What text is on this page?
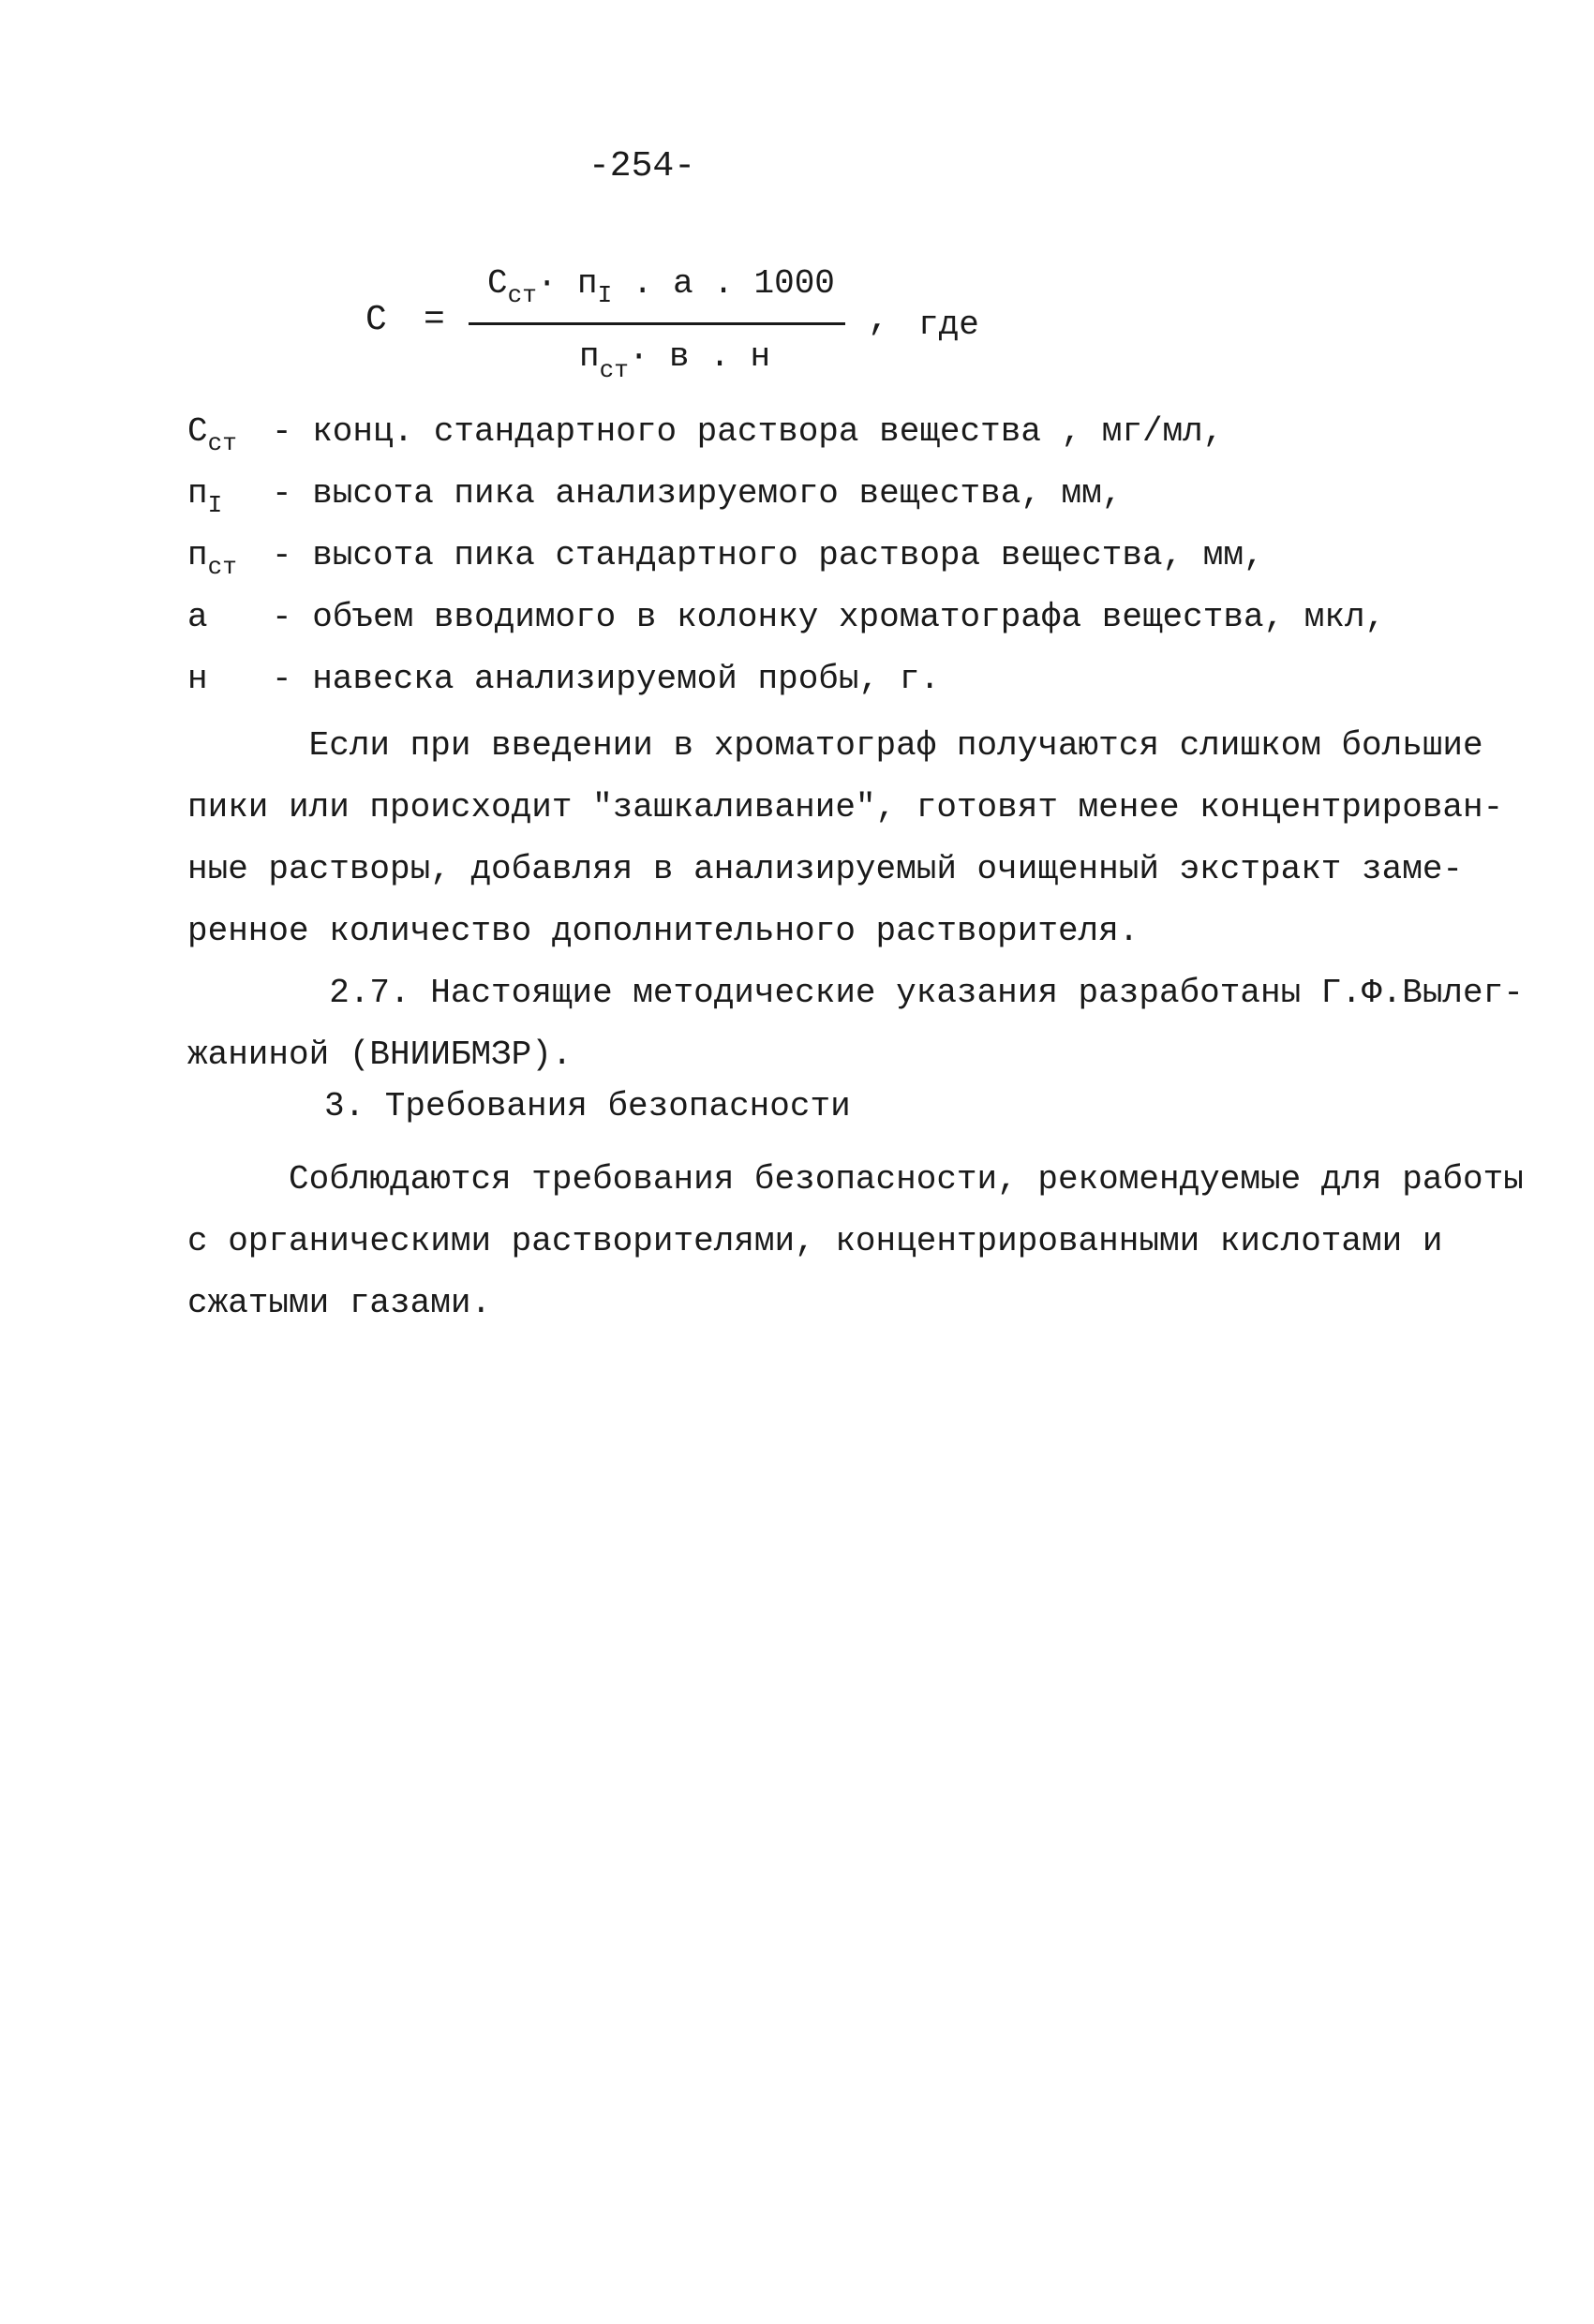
-254-
C =
$C_{ст}\cdot п_I$ . а . 1000
$п_{ст}\cdot в$ . н
, где
$C_{ст}$ - конц. стандартного раствора вещества , мг/мл,
$п_I$ - высота пика анализируемого вещества, мм,
$п_{ст}$ - высота пика стандартного раствора вещества, мм,
а - объем вводимого в колонку хроматографа вещества, мкл,
н - навеска анализируемой пробы, г.
Если при введении в хроматограф получаются слишком большие
пики или происходит "зашкаливание", готовят менее концентрирован-
ные растворы, добавляя в анализируемый очищенный экстракт заме-
ренное количество дополнительного растворителя.
2.7. Настоящие методические указания разработаны Г.Ф.Вылег-
жаниной (ВНИИБМЗР).
3. Требования безопасности
Соблюдаются требования безопасности, рекомендуемые для работы
с органическими растворителями, концентрированными кислотами и
сжатыми газами.
